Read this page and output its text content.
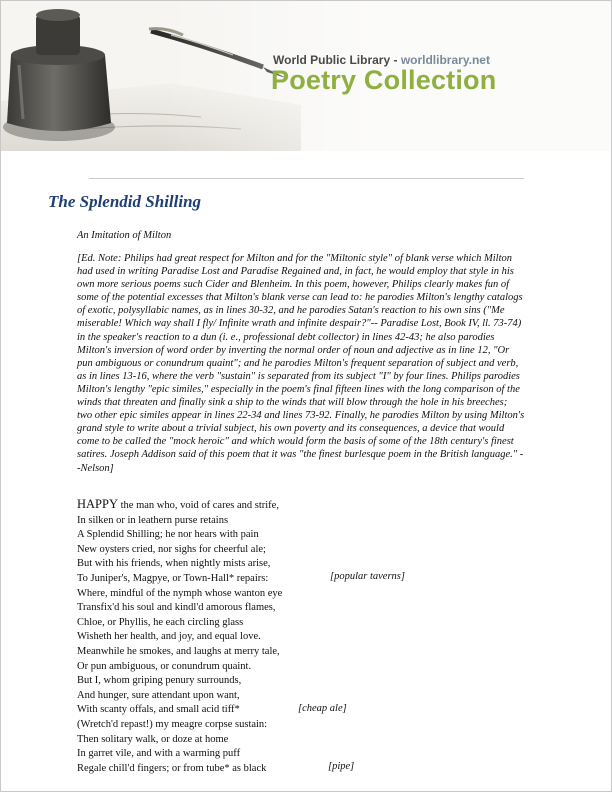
World Public Library - worldlibrary.net
Poetry Collection
The Splendid Shilling
An Imitation of Milton
[Ed. Note: Philips had great respect for Milton and for the "Miltonic style" of blank verse which Milton
had used in writing Paradise Lost and Paradise Regained and, in fact, he would employ that style in his
own more serious poems such Cider and Blenheim. In this poem, however, Philips clearly makes fun of
some of the potential excesses that Milton's blank verse can lead to: he parodies Milton's lengthy catalogs
of exotic, polysyllabic names, as in lines 30-32, and he parodies Satan's reaction to his own sins ("Me
miserable! Which way shall I fly/ Infinite wrath and infinite despair?"-- Paradise Lost, Book IV, ll. 73-74)
in the speaker's reaction to a dun (i. e., professional debt collector) in lines 42-43; he also parodies
Milton's inversion of word order by inverting the normal order of noun and adjective as in line 12, "Or
pun ambiguous or conundrum quaint"; and he parodies Milton's frequent separation of subject and verb,
as in lines 13-16, where the verb "sustain" is separated from its subject "I" by four lines. Philips parodies
Milton's lengthy "epic similes," especially in the poem's final fifteen lines with the long comparison of the
winds that threaten and finally sink a ship to the winds that will blow through the hole in his breeches;
two other epic similes appear in lines 22-34 and lines 73-92. Finally, he parodies Milton by using Milton's
grand style to write about a trivial subject, his own poverty and its consequences, a device that would
come to be called the "mock heroic" and which would form the basis of some of the 18th century's finest
satires. Joseph Addison said of this poem that it was "the finest burlesque poem in the British language." -
-Nelson]
HAPPY the man who, void of cares and strife,
In silken or in leathern purse retains
A Splendid Shilling; he nor hears with pain
New oysters cried, nor sighs for cheerful ale;
But with his friends, when nightly mists arise,
To Juniper's, Magpye, or Town-Hall* repairs:
Where, mindful of the nymph whose wanton eye
Transfix'd his soul and kindl'd amorous flames,
Chloe, or Phyllis, he each circling glass
Wisheth her health, and joy, and equal love.
Meanwhile he smokes, and laughs at merry tale,
Or pun ambiguous, or conundrum quaint.
But I, whom griping penury surrounds,
And hunger, sure attendant upon want,
With scanty offals, and small acid tiff*
(Wretch'd repast!) my meagre corpse sustain:
Then solitary walk, or doze at home
In garret vile, and with a warming puff
Regale chill'd fingers; or from tube* as black
[popular taverns]
[cheap ale]
[pipe]
